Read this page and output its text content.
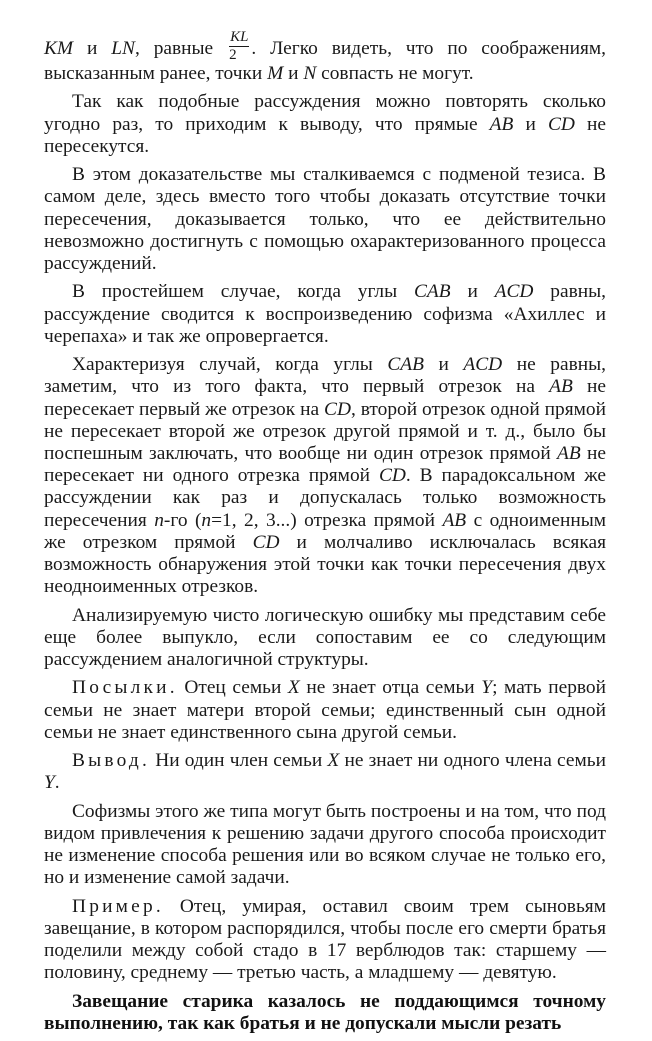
KM и LN, равные $\frac{KL}{2}$ . Легко видеть, что по соображениям, высказанным ранее, точки M и N совпасть не могут.

Так как подобные рассуждения можно повторять сколько угодно раз, то приходим к выводу, что прямые AB и CD не пересекутся.

В этом доказательстве мы сталкиваемся с подменой тезиса. В самом деле, здесь вместо того чтобы доказать отсутствие точки пересечения, доказывается только, что ее действительно невозможно достигнуть с помощью охарактеризованного процесса рассуждений.

В простейшем случае, когда углы CAB и ACD равны, рассуждение сводится к воспроизведению софизма «Ахиллес и черепаха» и так же опровергается.

Характеризуя случай, когда углы CAB и ACD не равны, заметим, что из того факта, что первый отрезок на AB не пересекает первый же отрезок на CD, второй отрезок одной прямой не пересекает второй же отрезок другой прямой и т. д., было бы поспешным заключать, что вообще ни один отрезок прямой AB не пересекает ни одного отрезка прямой CD. В парадоксальном же рассуждении как раз и допускалась только возможность пересечения n-го (n=1, 2, 3...) отрезка прямой AB с одноименным же отрезком прямой CD и молчаливо исключалась всякая возможность обнаружения этой точки как точки пересечения двух неодноименных отрезков.

Анализируемую чисто логическую ошибку мы представим себе еще более выпукло, если сопоставим ее со следующим рассуждением аналогичной структуры.

Посылки. Отец семьи X не знает отца семьи Y; мать первой семьи не знает матери второй семьи; единственный сын одной семьи не знает единственного сына другой семьи.

Вывод. Ни один член семьи X не знает ни одного члена семьи Y.

Софизмы этого же типа могут быть построены и на том, что под видом привлечения к решению задачи другого способа происходит не изменение способа решения или во всяком случае не только его, но и изменение самой задачи.

Пример. Отец, умирая, оставил своим трем сыновьям завещание, в котором распорядился, чтобы после его смерти братья поделили между собой стадо в 17 верблюдов так: старшему — половину, среднему — третью часть, а младшему — девятую.

Завещание старика казалось не поддающимся точному выполнению, так как братья и не допускали мысли резать
